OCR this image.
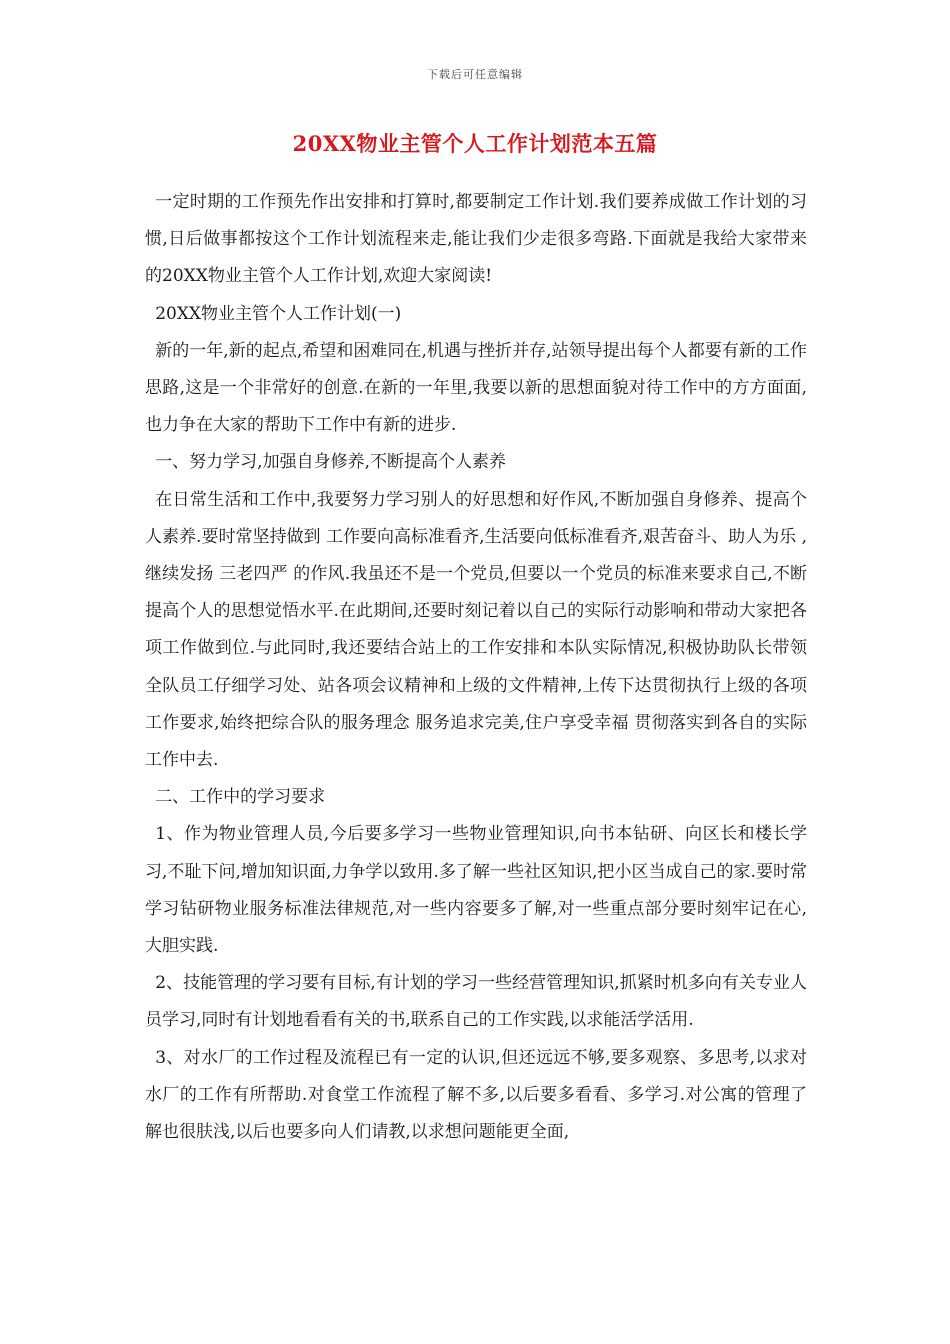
下载后可任意编辑
20XX物业主管个人工作计划范本五篇

一定时期的工作预先作出安排和打算时,都要制定工作计划.我们要养成做工作计划的习惯,日后做事都按这个工作计划流程来走,能让我们少走很多弯路.下面就是我给大家带来的20XX物业主管个人工作计划,欢迎大家阅读!

20XX物业主管个人工作计划(一)

新的一年,新的起点,希望和困难同在,机遇与挫折并存,站领导提出每个人都要有新的工作思路,这是一个非常好的创意.在新的一年里,我要以新的思想面貌对待工作中的方方面面,也力争在大家的帮助下工作中有新的进步.

一、努力学习,加强自身修养,不断提高个人素养

在日常生活和工作中,我要努力学习别人的好思想和好作风,不断加强自身修养、提高个人素养.要时常坚持做到 工作要向高标准看齐,生活要向低标准看齐,艰苦奋斗、助人为乐 ,继续发扬 三老四严 的作风.我虽还不是一个党员,但要以一个党员的标准来要求自己,不断提高个人的思想觉悟水平.在此期间,还要时刻记着以自己的实际行动影响和带动大家把各项工作做到位.与此同时,我还要结合站上的工作安排和本队实际情况,积极协助队长带领全队员工仔细学习处、站各项会议精神和上级的文件精神,上传下达贯彻执行上级的各项工作要求,始终把综合队的服务理念 服务追求完美,住户享受幸福 贯彻落实到各自的实际工作中去.

二、工作中的学习要求

1、作为物业管理人员,今后要多学习一些物业管理知识,向书本钻研、向区长和楼长学习,不耻下问,增加知识面,力争学以致用.多了解一些社区知识,把小区当成自己的家.要时常学习钻研物业服务标准法律规范,对一些内容要多了解,对一些重点部分要时刻牢记在心,大胆实践.

2、技能管理的学习要有目标,有计划的学习一些经营管理知识,抓紧时机多向有关专业人员学习,同时有计划地看看有关的书,联系自己的工作实践,以求能活学活用.

3、对水厂的工作过程及流程已有一定的认识,但还远远不够,要多观察、多思考,以求对水厂的工作有所帮助.对食堂工作流程了解不多,以后要多看看、多学习.对公寓的管理了解也很肤浅,以后也要多向人们请教,以求想问题能更全面,
